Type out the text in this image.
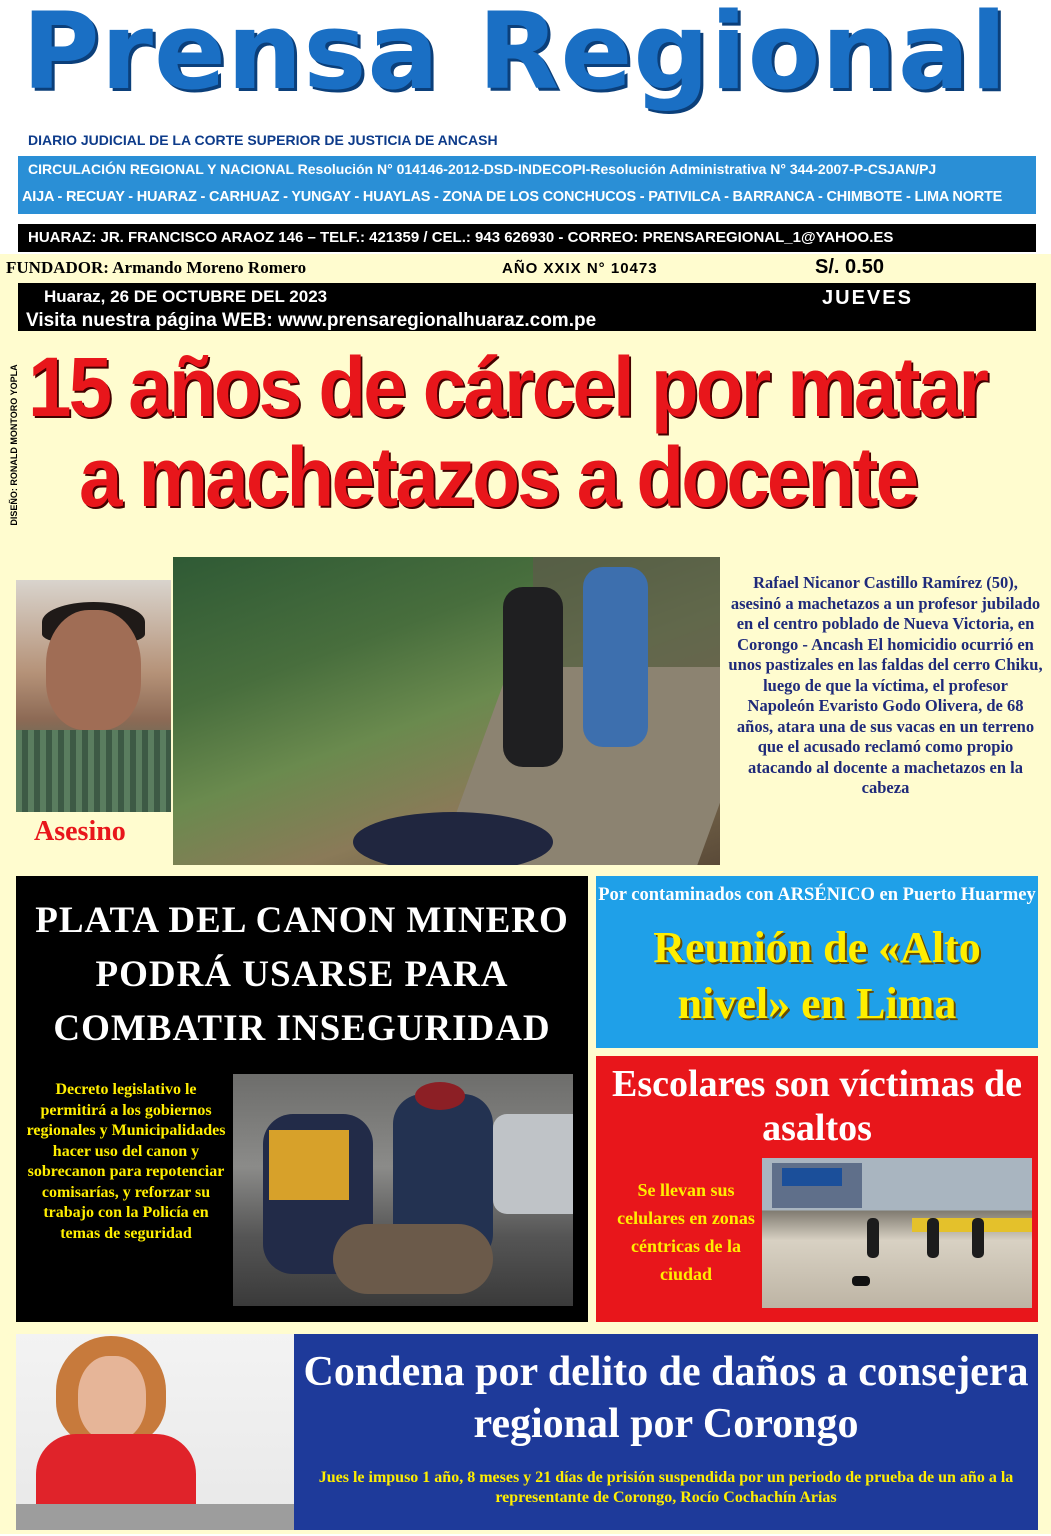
Prensa Regional
DIARIO JUDICIAL DE LA CORTE SUPERIOR DE JUSTICIA DE ANCASH
CIRCULACIÓN REGIONAL Y NACIONAL Resolución N° 014146-2012-DSD-INDECOPI-Resolución Administrativa N° 344-2007-P-CSJAN/PJ
AIJA - RECUAY - HUARAZ - CARHUAZ - YUNGAY - HUAYLAS - ZONA DE LOS CONCHUCOS - PATIVILCA - BARRANCA - CHIMBOTE - LIMA NORTE
HUARAZ: JR. FRANCISCO ARAOZ 146 – TELF.: 421359 / CEL.: 943 626930 - CORREO: PRENSAREGIONAL_1@YAHOO.ES
FUNDADOR: Armando Moreno Romero	AÑO XXIX N° 10473	S/. 0.50
Huaraz, 26 DE OCTUBRE DEL 2023	JUEVES
Visita nuestra página WEB: www.prensaregionalhuaraz.com.pe
DISEÑO: RONALD MONTORO YOPLA 15 años de cárcel por matar
a machetazos a docente
Asesino
Rafael Nicanor Castillo Ramírez (50), asesinó a machetazos a un profesor jubilado en el centro poblado de Nueva Victoria, en Corongo - Ancash El homicidio ocurrió en unos pastizales en las faldas del cerro Chiku, luego de que la víctima, el profesor Napoleón Evaristo Godo Olivera, de 68 años, atara una de sus vacas en un terreno que el acusado reclamó como propio atacando al docente a machetazos en la cabeza
PLATA DEL CANON MINERO PODRÁ USARSE PARA COMBATIR INSEGURIDAD
Decreto legislativo le permitirá a los gobiernos regionales y Municipalidades hacer uso del canon y sobrecanon para repotenciar comisarías, y reforzar su trabajo con la Policía en temas de seguridad
Por contaminados con ARSÉNICO en Puerto Huarmey
Reunión de «Alto nivel» en Lima
Escolares son víctimas de asaltos
Se llevan sus celulares en zonas céntricas de la ciudad
Condena por delito de daños a consejera regional por Corongo
Jues le impuso 1 año, 8 meses y 21 días de prisión suspendida por un periodo de prueba de un año a la representante de Corongo, Rocío Cochachín Arias
